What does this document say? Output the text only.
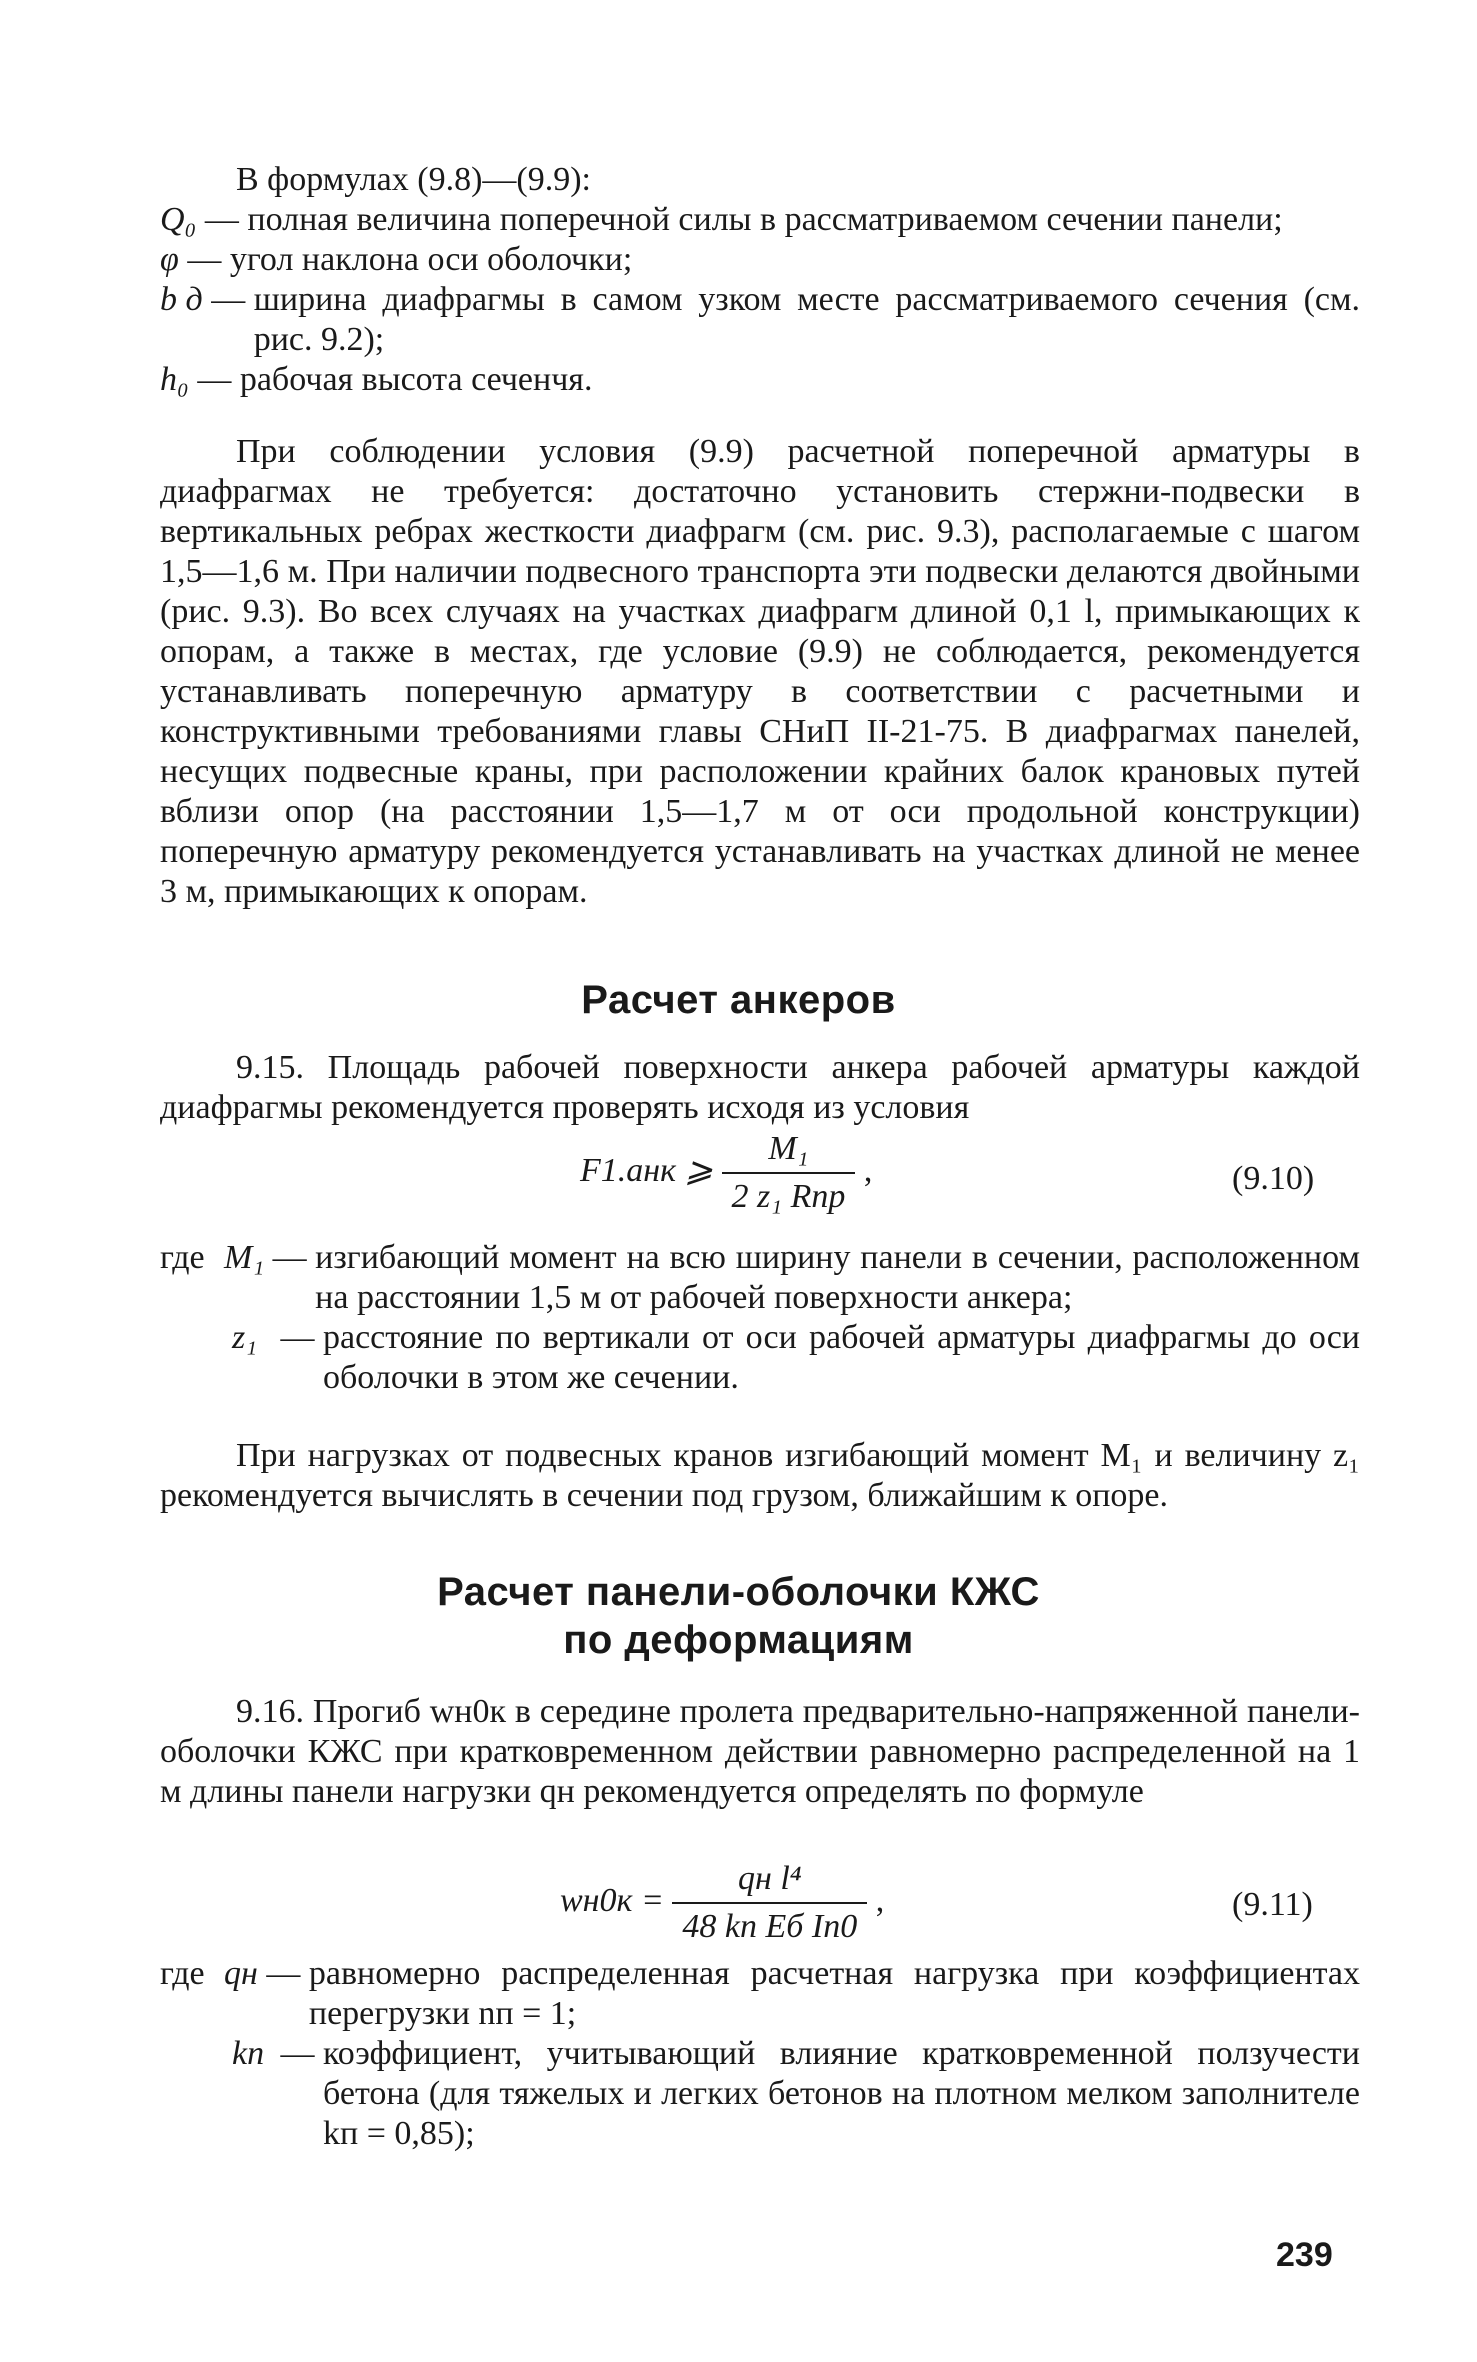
В формулах (9.8)—(9.9):
Q₀ — полная величина поперечной силы в рассматриваемом сечении панели;
φ — угол наклона оси оболочки;
b д — ширина диафрагмы в самом узком месте рассматриваемого сечения (см. рис. 9.2);
h₀ — рабочая высота сеченчя.
При соблюдении условия (9.9) расчетной поперечной арматуры в диафрагмах не требуется: достаточно установить стержни-подвески в вертикальных ребрах жесткости диафрагм (см. рис. 9.3), располагаемые с шагом 1,5—1,6 м. При наличии подвесного транспорта эти подвески делаются двойными (рис. 9.3). Во всех случаях на участках диафрагм длиной 0,1 l, примыкающих к опорам, а также в местах, где условие (9.9) не соблюдается, рекомендуется устанавливать поперечную арматуру в соответствии с расчетными и конструктивными требованиями главы СНиП II-21-75. В диафрагмах панелей, несущих подвесные краны, при расположении крайних балок крановых путей вблизи опор (на расстоянии 1,5—1,7 м от оси продольной конструкции) поперечную арматуру рекомендуется устанавливать на участках длиной не менее 3 м, примыкающих к опорам.
Расчет анкеров
9.15. Площадь рабочей поверхности анкера рабочей арматуры каждой диафрагмы рекомендуется проверять исходя из условия
F1.анк ⩾ $\frac{\text{M₁}}{\text{2 z₁ Rпр}}$ ,	(9.10)
где M₁ — изгибающий момент на всю ширину панели в сечении, расположенном на расстоянии 1,5 м от рабочей поверхности анкера;
z₁ — расстояние по вертикали от оси рабочей арматуры диафрагмы до оси оболочки в этом же сечении.
При нагрузках от подвесных кранов изгибающий момент M₁ и величину z₁ рекомендуется вычислять в сечении под грузом, ближайшим к опоре.
Расчет панели-оболочки КЖС
по деформациям
9.16. Прогиб wн0к в середине пролета предварительно-напряженной панели-оболочки КЖС при кратковременном действии равномерно распределенной на 1 м длины панели нагрузки qн рекомендуется определять по формуле
$wн0к = \frac{\text{qн l⁴}}{\text{48 kп Eб Iп0}}$ ,	(9.11)
где qн — равномерно распределенная расчетная нагрузка при коэффициентах перегрузки nп = 1;
kп — коэффициент, учитывающий влияние кратковременной ползучести бетона (для тяжелых и легких бетонов на плотном мелком заполнителе kп = 0,85);
239
